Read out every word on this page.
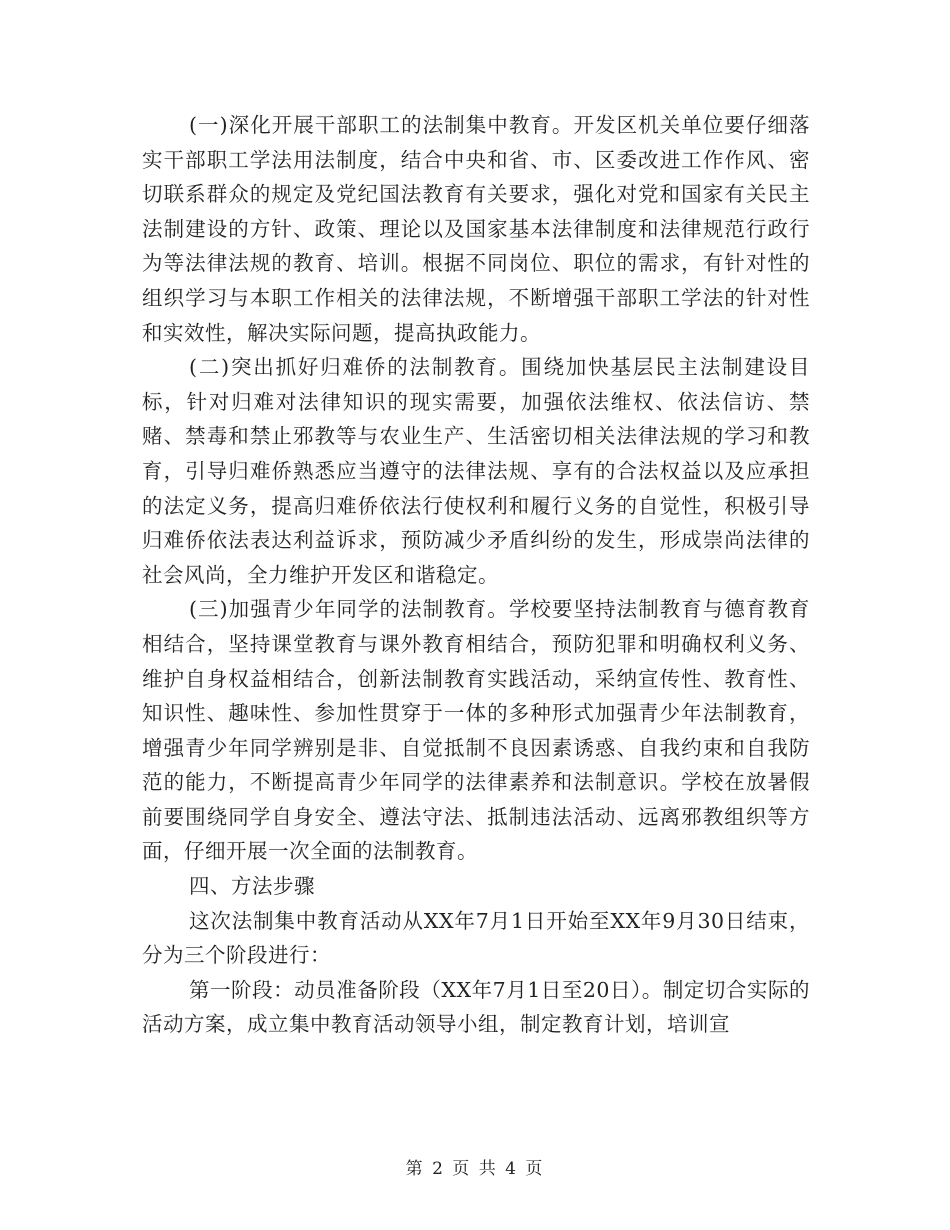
(一)深化开展干部职工的法制集中教育。开发区机关单位要仔细落实干部职工学法用法制度，结合中央和省、市、区委改进工作作风、密切联系群众的规定及党纪国法教育有关要求，强化对党和国家有关民主法制建设的方针、政策、理论以及国家基本法律制度和法律规范行政行为等法律法规的教育、培训。根据不同岗位、职位的需求，有针对性的组织学习与本职工作相关的法律法规，不断增强干部职工学法的针对性和实效性，解决实际问题，提高执政能力。

(二)突出抓好归难侨的法制教育。围绕加快基层民主法制建设目标，针对归难对法律知识的现实需要，加强依法维权、依法信访、禁赌、禁毒和禁止邪教等与农业生产、生活密切相关法律法规的学习和教育，引导归难侨熟悉应当遵守的法律法规、享有的合法权益以及应承担的法定义务，提高归难侨依法行使权利和履行义务的自觉性，积极引导归难侨依法表达利益诉求，预防减少矛盾纠纷的发生，形成崇尚法律的社会风尚，全力维护开发区和谐稳定。

(三)加强青少年同学的法制教育。学校要坚持法制教育与德育教育相结合，坚持课堂教育与课外教育相结合，预防犯罪和明确权利义务、维护自身权益相结合，创新法制教育实践活动，采纳宣传性、教育性、知识性、趣味性、参加性贯穿于一体的多种形式加强青少年法制教育，增强青少年同学辨别是非、自觉抵制不良因素诱惑、自我约束和自我防范的能力，不断提高青少年同学的法律素养和法制意识。学校在放暑假前要围绕同学自身安全、遵法守法、抵制违法活动、远离邪教组织等方面，仔细开展一次全面的法制教育。

四、方法步骤

这次法制集中教育活动从XX年7月1日开始至XX年9月30日结束，分为三个阶段进行：

第一阶段：动员准备阶段（XX年7月1日至20日）。制定切合实际的活动方案，成立集中教育活动领导小组，制定教育计划，培训宣

第 2 页 共 4 页
